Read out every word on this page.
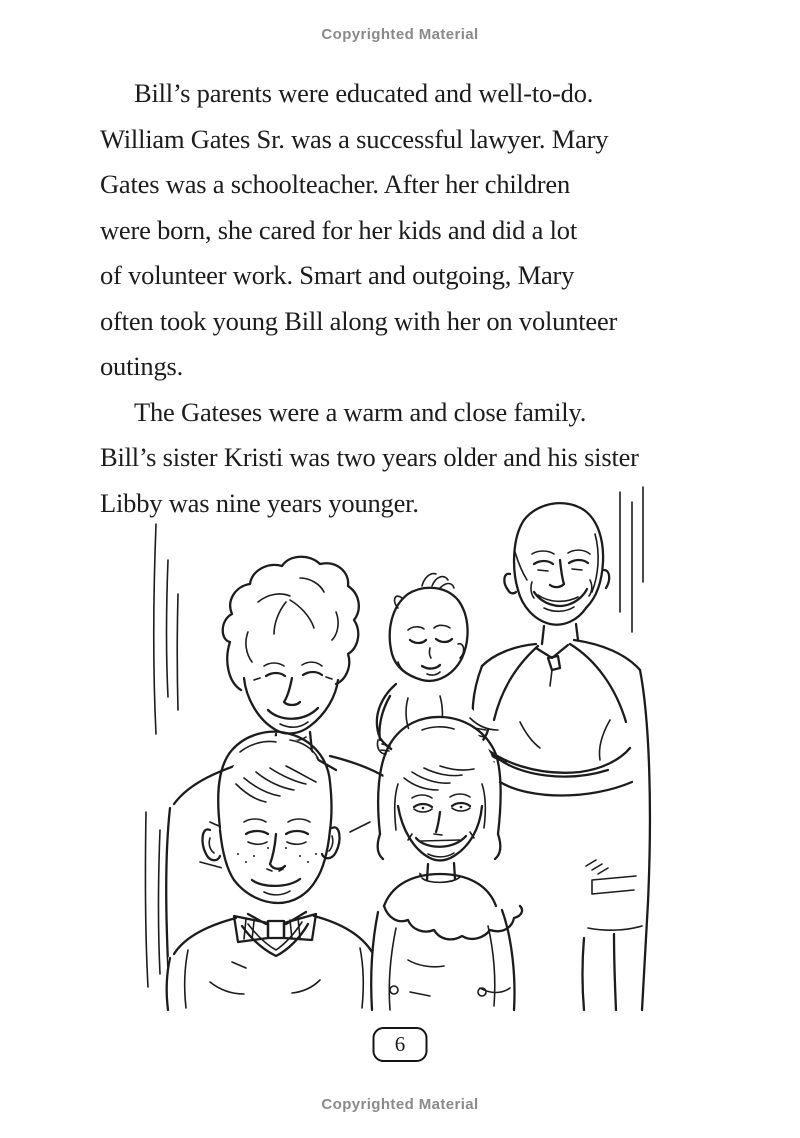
Copyrighted Material
Bill’s parents were educated and well-to-do.
William Gates Sr. was a successful lawyer. Mary
Gates was a schoolteacher. After her children
were born, she cared for her kids and did a lot
of volunteer work. Smart and outgoing, Mary
often took young Bill along with her on volunteer
outings.
The Gateses were a warm and close family.
Bill’s sister Kristi was two years older and his sister
Libby was nine years younger.
6
Copyrighted Material
